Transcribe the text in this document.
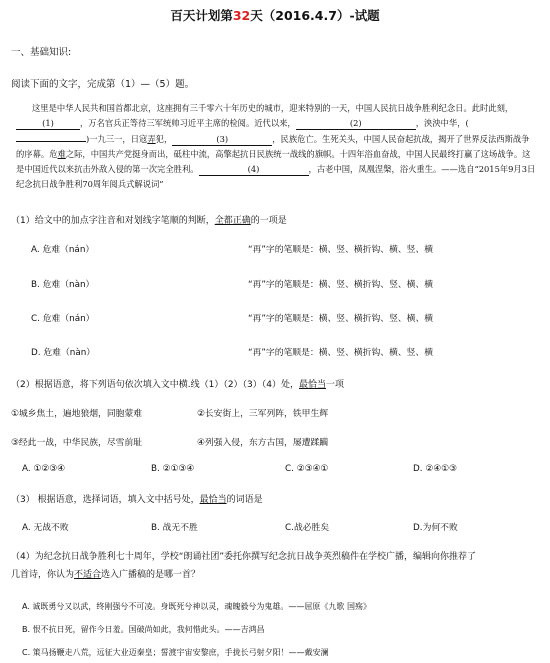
百天计划第32天（2016.4.7）-试题
一、基础知识:
阅读下面的文字，完成第（1）—（5）题。
这里是中华人民共和国首都北京，这座拥有三千零六十年历史的城市，迎来特别的一天，中国人民抗日战争胜利纪念日。此时此刻，(1)	，万名官兵正等待三军统帅习近平主席的检阅。近代以来，	(2)	，泱泱中华，()一九三一，日寇弄犯，	(3)	，民族危亡。生死关头，中国人民奋起抗战，揭开了世界反法西斯战争的序幕。危难之际，中国共产党挺身而出，砥柱中流，高擎起抗日民族统一战线的旗帜。十四年浴血奋战，中国人民最终打赢了这场战争。这是中国近代以来抗击外敌入侵的第一次完全胜利。	(4)	，古老中国，凤凰涅槃，浴火重生。——选自“2015年9月3日纪念抗日战争胜利70周年阅兵式解说词”
（1）给文中的加点字注音和对划线字笔顺的判断，全都正确的一项是
A. 危难（nán）	“再”字的笔顺是：横、竖、横折钩、横、竖、横
B. 危难（nàn）	“再”字的笔顺是：横、竖、横折钩、竖、横、横
C. 危难（nán）	“再”字的笔顺是：横、竖、横折钩、竖、横、横
D. 危难（nàn）	“再”字的笔顺是：横、竖、横折钩、横、竖、横
（2）根据语意，将下列语句依次填入文中横.线（1）（2）（3）（4）处，最恰当一项
①城乡焦土，遍地狼烟，同胞蒙难	②长安街上，三军列阵，铁甲生辉
③经此一战，中华民族，尽雪前耻	④列强入侵，东方古国，屡遭蹂躏
A. ①②③④	B. ②①③④	C. ②③④①	D. ②④①③
（3） 根据语意，选择词语，填入文中括号处，最恰当的词语是
A. 无战不败	B. 战无不胜	C.战必胜矣	D.为何不败
（4）为纪念抗日战争胜利七十周年，学校“朗诵社团”委托你撰写纪念抗日战争英烈稿件在学校广播，编辑向你推荐了
几首诗，你认为不适合选入广播稿的是哪一首？
A. 诚既勇兮又以武，终刚强兮不可凌。身既死兮神以灵，魂魄毅兮为鬼雄。——屈原《九歌 国殇》
B. 恨不抗日死，留作今日羞。国破尚如此，我何惜此头。——吉鸿昌
C. 策马扬鞭走八荒，远征大业迈秦皇；誓渡宇宙安黎庶，手拢长弓射夕阳！——戴安澜
